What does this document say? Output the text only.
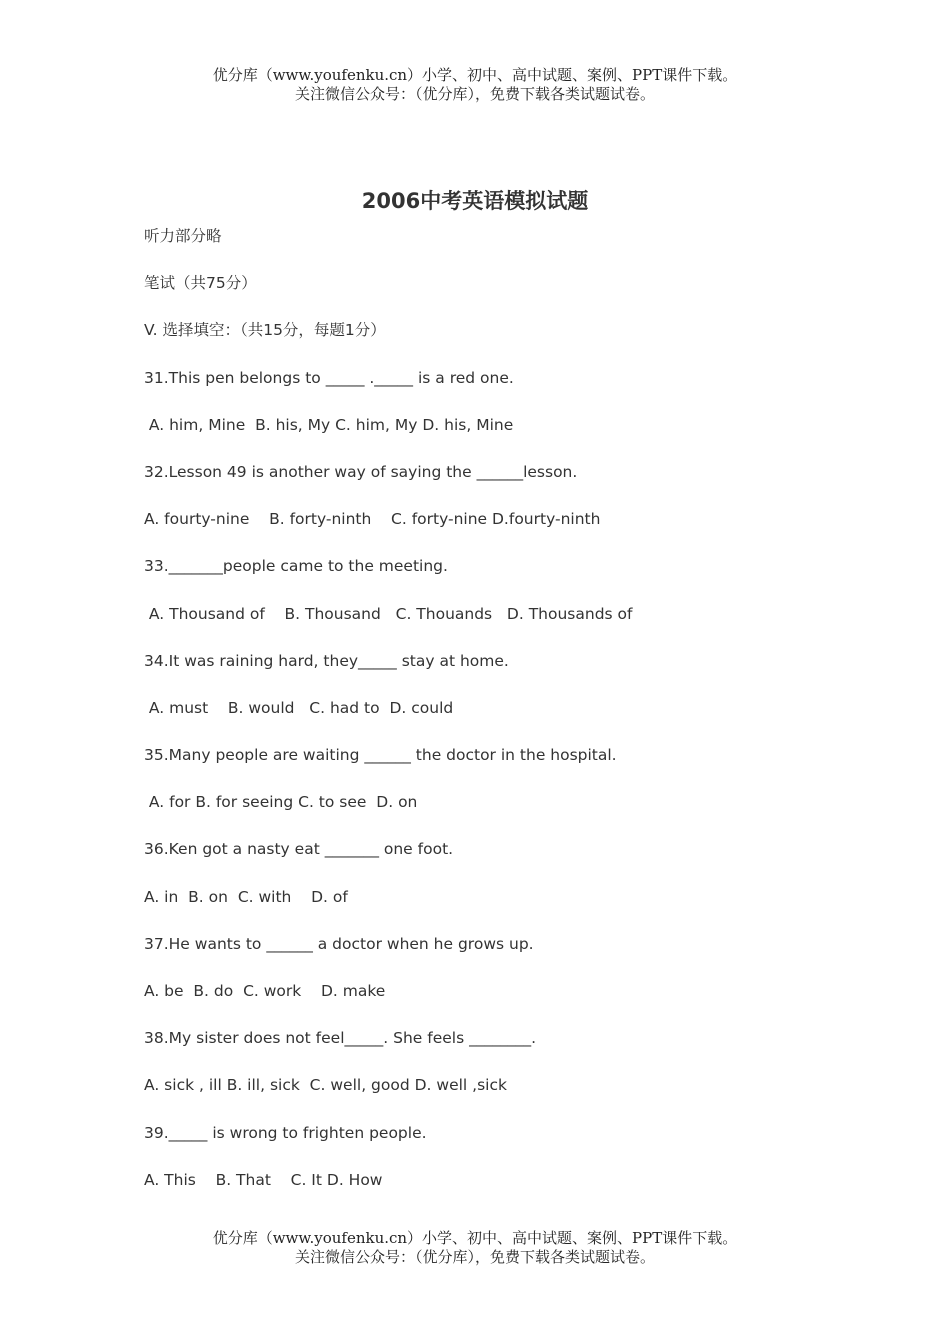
优分库（www.youfenku.cn）小学、初中、高中试题、案例、PPT课件下载。
关注微信公众号：（优分库），免费下载各类试题试卷。
2006中考英语模拟试题
听力部分略
笔试（共75分）
V. 选择填空：（共15分，每题1分）
31.This pen belongs to _____ ._____ is a red one.
A. him, Mine  B. his, My C. him, My D. his, Mine
32.Lesson 49 is another way of saying the ______lesson.
A. fourty-nine    B. forty-ninth    C. forty-nine D.fourty-ninth
33._______people came to the meeting.
A. Thousand of    B. Thousand   C. Thouands   D. Thousands of
34.It was raining hard, they_____ stay at home.
A. must    B. would   C. had to  D. could
35.Many people are waiting ______ the doctor in the hospital.
A. for B. for seeing C. to see  D. on
36.Ken got a nasty eat _______ one foot.
A. in  B. on  C. with    D. of
37.He wants to ______ a doctor when he grows up.
A. be  B. do  C. work    D. make
38.My sister does not feel_____. She feels ________.
A. sick , ill B. ill, sick  C. well, good D. well ,sick
39._____ is wrong to frighten people.
A. This    B. That    C. It D. How
优分库（www.youfenku.cn）小学、初中、高中试题、案例、PPT课件下载。
关注微信公众号：（优分库），免费下载各类试题试卷。
